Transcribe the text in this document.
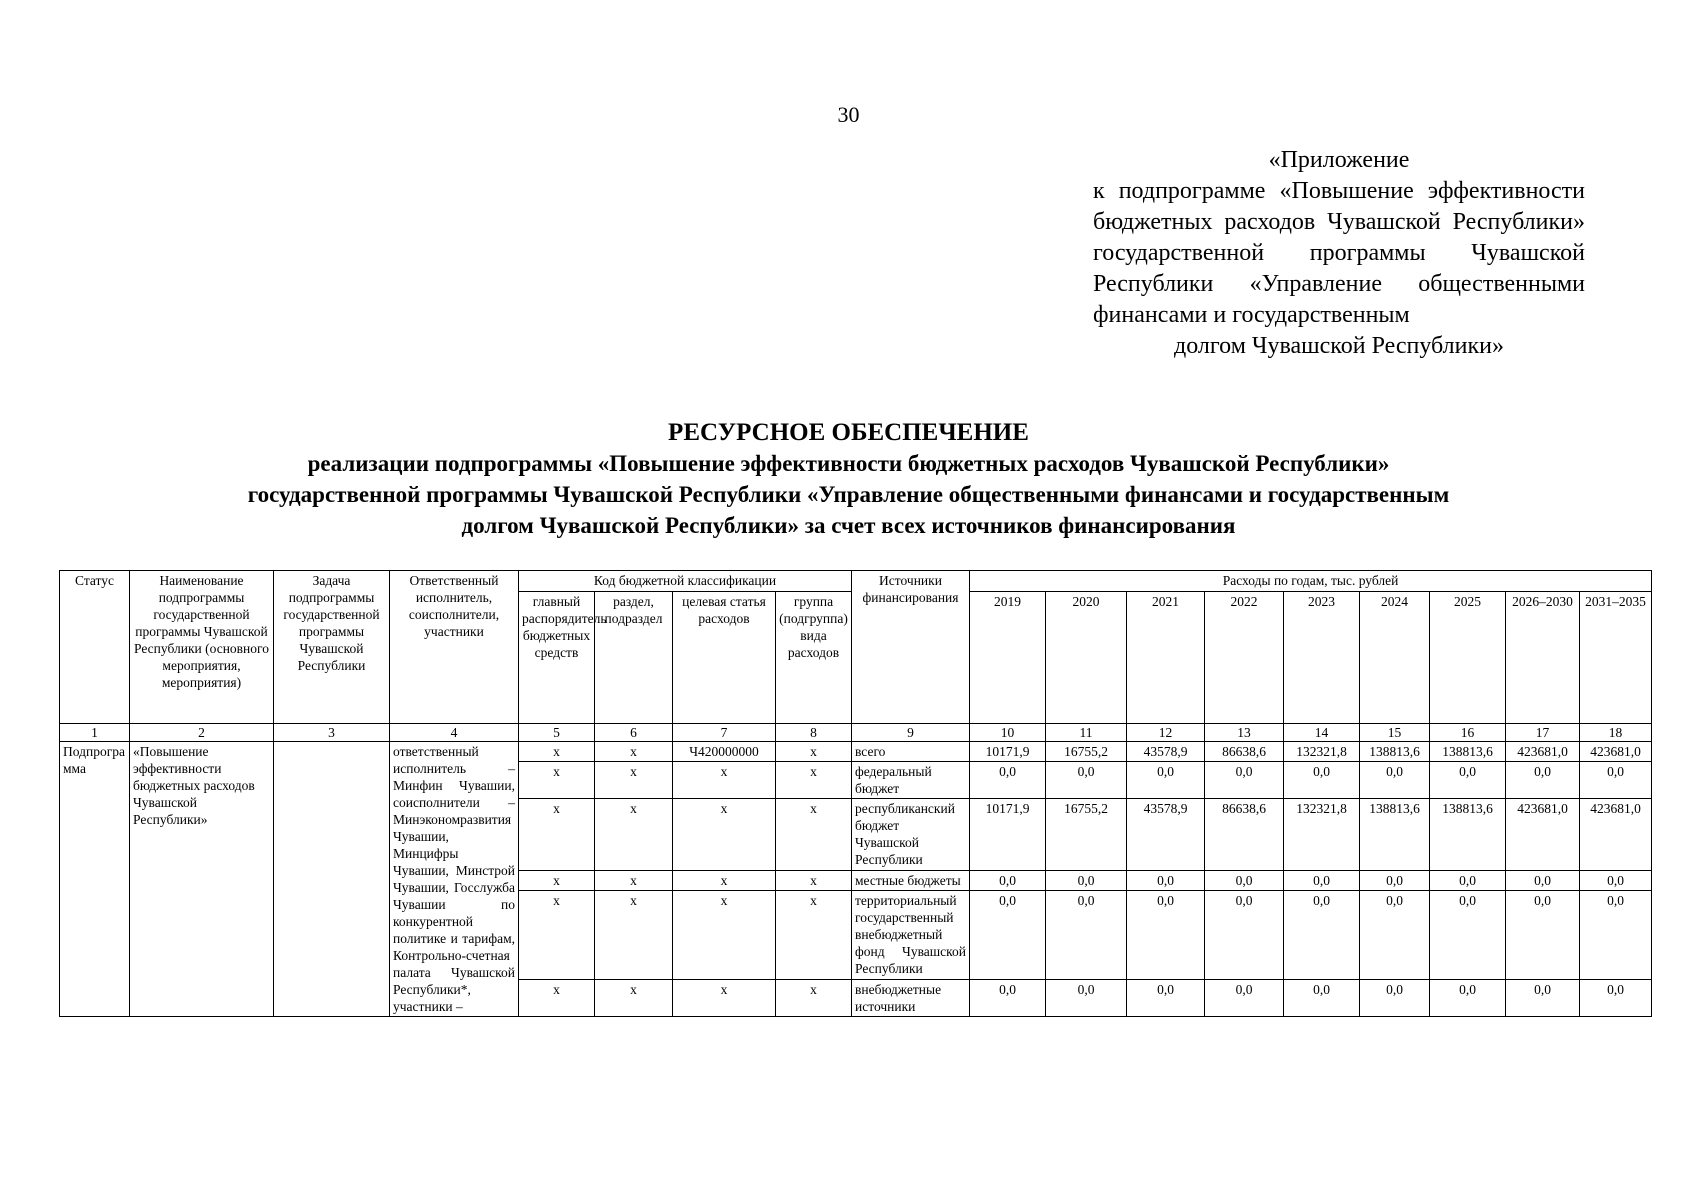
30
«Приложение
к подпрограмме «Повышение эффективности бюджетных расходов Чувашской Республики» государственной программы Чувашской Республики «Управление общественными финансами и государственным
долгом Чувашской Республики»
РЕСУРСНОЕ ОБЕСПЕЧЕНИЕ
реализации подпрограммы «Повышение эффективности бюджетных расходов Чувашской Республики»
государственной программы Чувашской Республики «Управление общественными финансами и государственным
долгом Чувашской Республики» за счет всех источников финансирования
Статус	Наименование подпрограммы государственной программы Чувашской Республики (основного мероприятия, мероприятия)	Задача подпрограммы государственной программы Чувашской Республики	Ответственный исполнитель, соисполнители, участники	Код бюджетной классификации				Источники финансирования	Расходы по годам, тыс. рублей								
				главный распорядитель бюджетных средств	раздел, подраздел	целевая статья расходов	группа (подгруппа) вида расходов		2019	2020	2021	2022	2023	2024	2025	2026–2030	2031–2035
1	2	3	4	5	6	7	8	9	10	11	12	13	14	15	16	17	18
Подпрограмма	«Повышение эффективности бюджетных расходов Чувашской Республики»		ответственный исполнитель – Минфин Чувашии, соисполнители – Минэкономразвития Чувашии, Минцифры Чувашии, Минстрой Чувашии, Госслужба Чувашии по конкурентной политике и тарифам, Контрольно-счетная палата Чувашской Республики*, участники –	x	x	Ч420000000	x	всего	10171,9	16755,2	43578,9	86638,6	132321,8	138813,6	138813,6	423681,0	423681,0
				x	x	x	x	федеральный бюджет	0,0	0,0	0,0	0,0	0,0	0,0	0,0	0,0	0,0
				x	x	x	x	республиканский бюджет Чувашской Республики	10171,9	16755,2	43578,9	86638,6	132321,8	138813,6	138813,6	423681,0	423681,0
				x	x	x	x	местные бюджеты	0,0	0,0	0,0	0,0	0,0	0,0	0,0	0,0	0,0
				x	x	x	x	территориальный государственный внебюджетный фонд Чувашской Республики	0,0	0,0	0,0	0,0	0,0	0,0	0,0	0,0	0,0
				x	x	x	x	внебюджетные источники	0,0	0,0	0,0	0,0	0,0	0,0	0,0	0,0	0,0
